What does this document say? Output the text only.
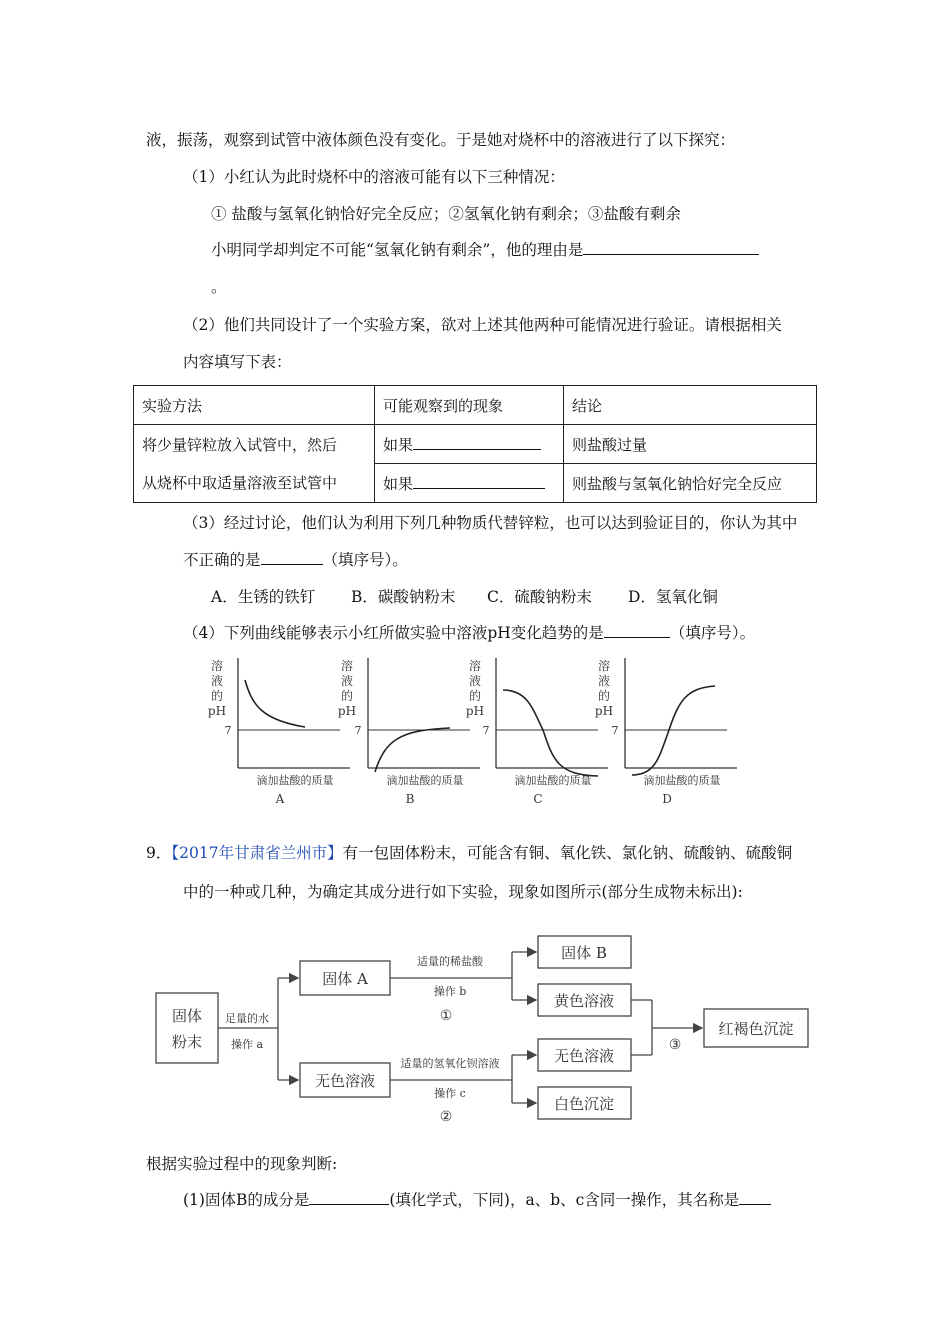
液，振荡，观察到试管中液体颜色没有变化。于是她对烧杯中的溶液进行了以下探究：
（1）小红认为此时烧杯中的溶液可能有以下三种情况：
① 盐酸与氢氧化钠恰好完全反应；②氢氧化钠有剩余；③盐酸有剩余
小明同学却判定不可能“氢氧化钠有剩余”，他的理由是
。
（2）他们共同设计了一个实验方案，欲对上述其他两种可能情况进行验证。请根据相关
内容填写下表：
实验方法	可能观察到的现象	结论

将少量锌粒放入试管中，然后
从烧杯中取适量溶液至试管中	如果	则盐酸过量
	如果	则盐酸与氢氧化钠恰好完全反应
（3）经过讨论，他们认为利用下列几种物质代替锌粒，也可以达到验证目的，你认为其中
不正确的是	（填序号）。
A．生锈的铁钉 B．碳酸钠粉末 C．硫酸钠粉末 D．氢氧化铜
（4）下列曲线能够表示小红所做实验中溶液pH变化趋势的是	（填序号）。
溶
液
的
pH
7
滴加盐酸的质量
A
溶
液
的
pH
7
滴加盐酸的质量
B
溶
液
的
pH
7
滴加盐酸的质量
C
溶
液
的
pH
7
滴加盐酸的质量
D
9．【2017年甘肃省兰州市】有一包固体粉末，可能含有铜、氧化铁、氯化钠、硫酸钠、硫酸铜
中的一种或几种，为确定其成分进行如下实验，现象如图所示(部分生成物未标出):
固体
粉末
固体 A
无色溶液
固体 B
黄色溶液
无色溶液
白色沉淀
红褐色沉淀
足量的水
操作 a
适量的稀盐酸
操作 b
适量的氢氧化钡溶液
操作 c
①
②
③
根据实验过程中的现象判断:
(1)固体B的成分是	(填化学式，下同)，a、b、c含同一操作，其名称是
